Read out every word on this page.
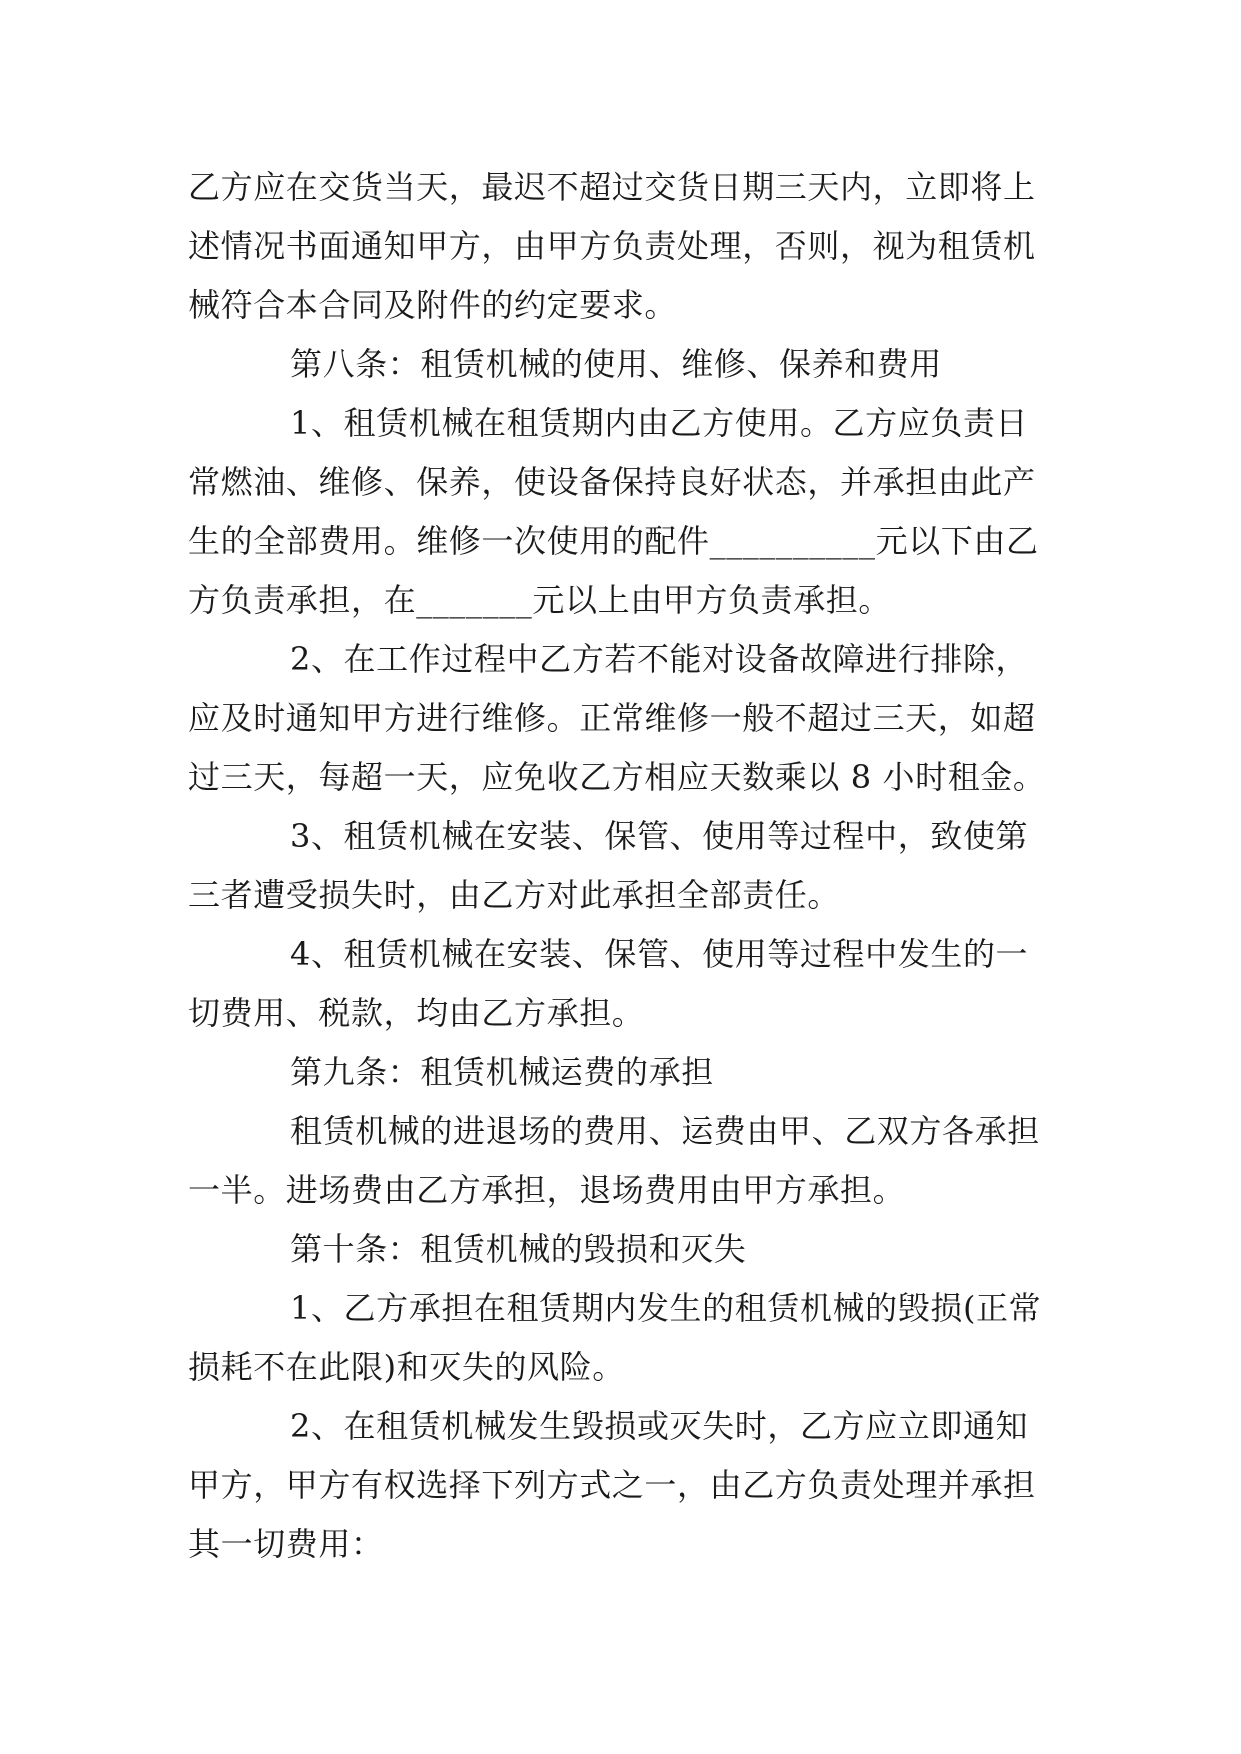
乙方应在交货当天，最迟不超过交货日期三天内，立即将上
述情况书面通知甲方，由甲方负责处理，否则，视为租赁机
械符合本合同及附件的约定要求。
第八条：租赁机械的使用、维修、保养和费用
1、租赁机械在租赁期内由乙方使用。乙方应负责日
常燃油、维修、保养，使设备保持良好状态，并承担由此产
生的全部费用。维修一次使用的配件__________元以下由乙
方负责承担，在_______元以上由甲方负责承担。
2、在工作过程中乙方若不能对设备故障进行排除，
应及时通知甲方进行维修。正常维修一般不超过三天，如超
过三天，每超一天，应免收乙方相应天数乘以 8 小时租金。
3、租赁机械在安装、保管、使用等过程中，致使第
三者遭受损失时，由乙方对此承担全部责任。
4、租赁机械在安装、保管、使用等过程中发生的一
切费用、税款，均由乙方承担。
第九条：租赁机械运费的承担
租赁机械的进退场的费用、运费由甲、乙双方各承担
一半。进场费由乙方承担，退场费用由甲方承担。
第十条：租赁机械的毁损和灭失
1、乙方承担在租赁期内发生的租赁机械的毁损(正常
损耗不在此限)和灭失的风险。
2、在租赁机械发生毁损或灭失时，乙方应立即通知
甲方，甲方有权选择下列方式之一，由乙方负责处理并承担
其一切费用：
